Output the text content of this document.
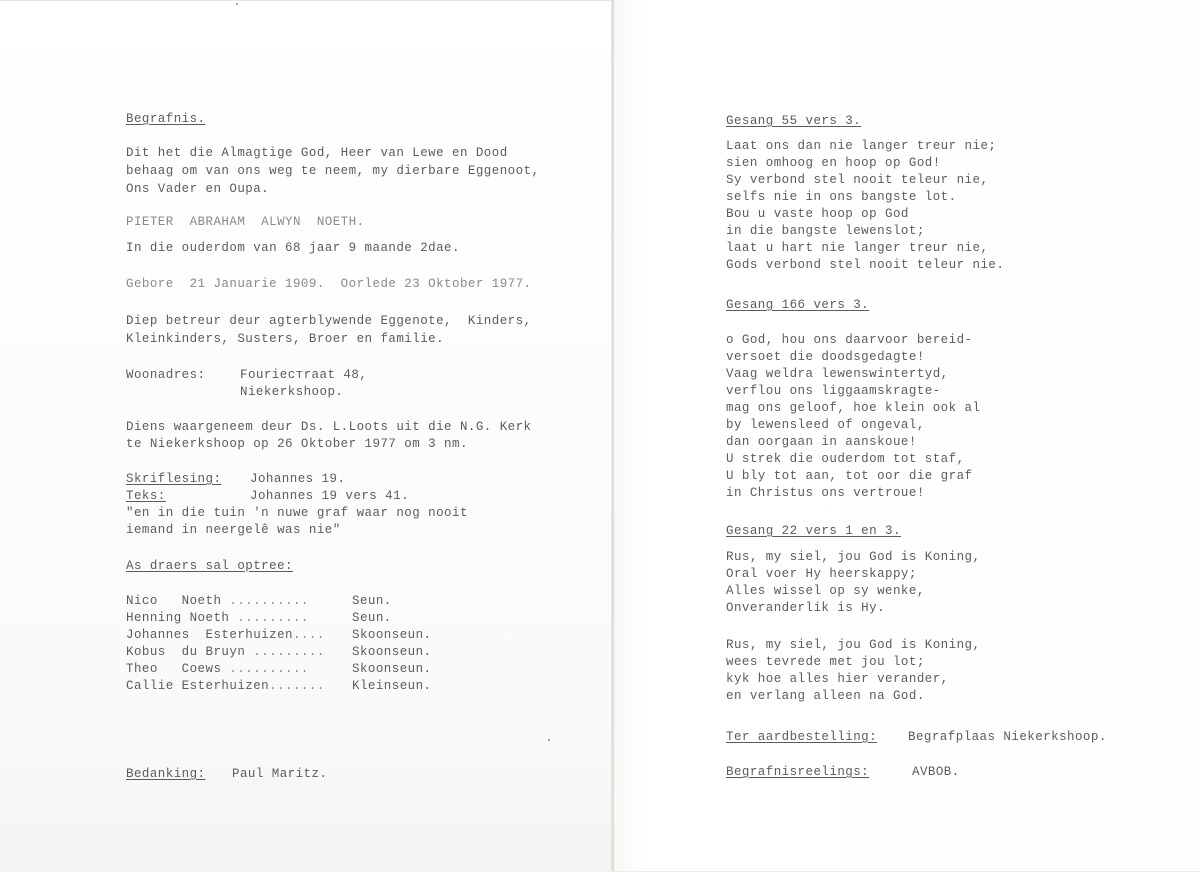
Begrafnis.
Dit het die Almagtige God, Heer van Lewe en Dood
behaag om van ons weg te neem, my dierbare Eggenoot,
Ons Vader en Oupa.
PIETER  ABRAHAM  ALWYN  NOETH.
In die ouderdom van 68 jaar 9 maande 2dae.
Gebore  21 Januarie 1909.  Oorlede 23 Oktober 1977.
Diep betreur deur agterblywende Eggenote,  Kinders,
Kleinkinders, Susters, Broer en familie.
Woonadres:	Fourieстraat 48,
Niekerkshoop.
Diens waargeneem deur Ds. L.Loots uit die N.G. Kerk
te Niekerkshoop op 26 Oktober 1977 om 3 nm.
Skriflesing: Johannes 19.
Teks:	Johannes 19 vers 41.
"en in die tuin 'n nuwe graf waar nog nooit
iemand in neergelê was nie"
As draers sal optree:
Nico   Noeth ..........	Seun.
Henning Noeth .........	Seun.
Johannes  Esterhuizen.... Skoonseun.
Kobus  du Bruyn ......... Skoonseun.
Theo   Coews ..........	Skoonseun.
Callie Esterhuizen....... Kleinseun.
Bedanking: Paul Maritz.
Gesang 55 vers 3.
Laat ons dan nie langer treur nie;
sien omhoog en hoop op God!
Sy verbond stel nooit teleur nie,
selfs nie in ons bangste lot.
Bou u vaste hoop op God
in die bangste lewenslot;
laat u hart nie langer treur nie,
Gods verbond stel nooit teleur nie.
Gesang 166 vers 3.
o God, hou ons daarvoor bereid-
versoet die doodsgedagte!
Vaag weldra lewenswintertyd,
verflou ons liggaamskragte-
mag ons geloof, hoe klein ook al
by lewensleed of ongeval,
dan oorgaan in aanskoue!
U strek die ouderdom tot staf,
U bly tot aan, tot oor die graf
in Christus ons vertroue!
Gesang 22 vers 1 en 3.
Rus, my siel, jou God is Koning,
Oral voer Hy heerskappy;
Alles wissel op sy wenke,
Onveranderlik is Hy.
Rus, my siel, jou God is Koning,
wees tevrede met jou lot;
kyk hoe alles hier verander,
en verlang alleen na God.
Ter aardbestelling: Begrafplaas Niekerkshoop.
Begrafnisreelings:	AVBOB.
